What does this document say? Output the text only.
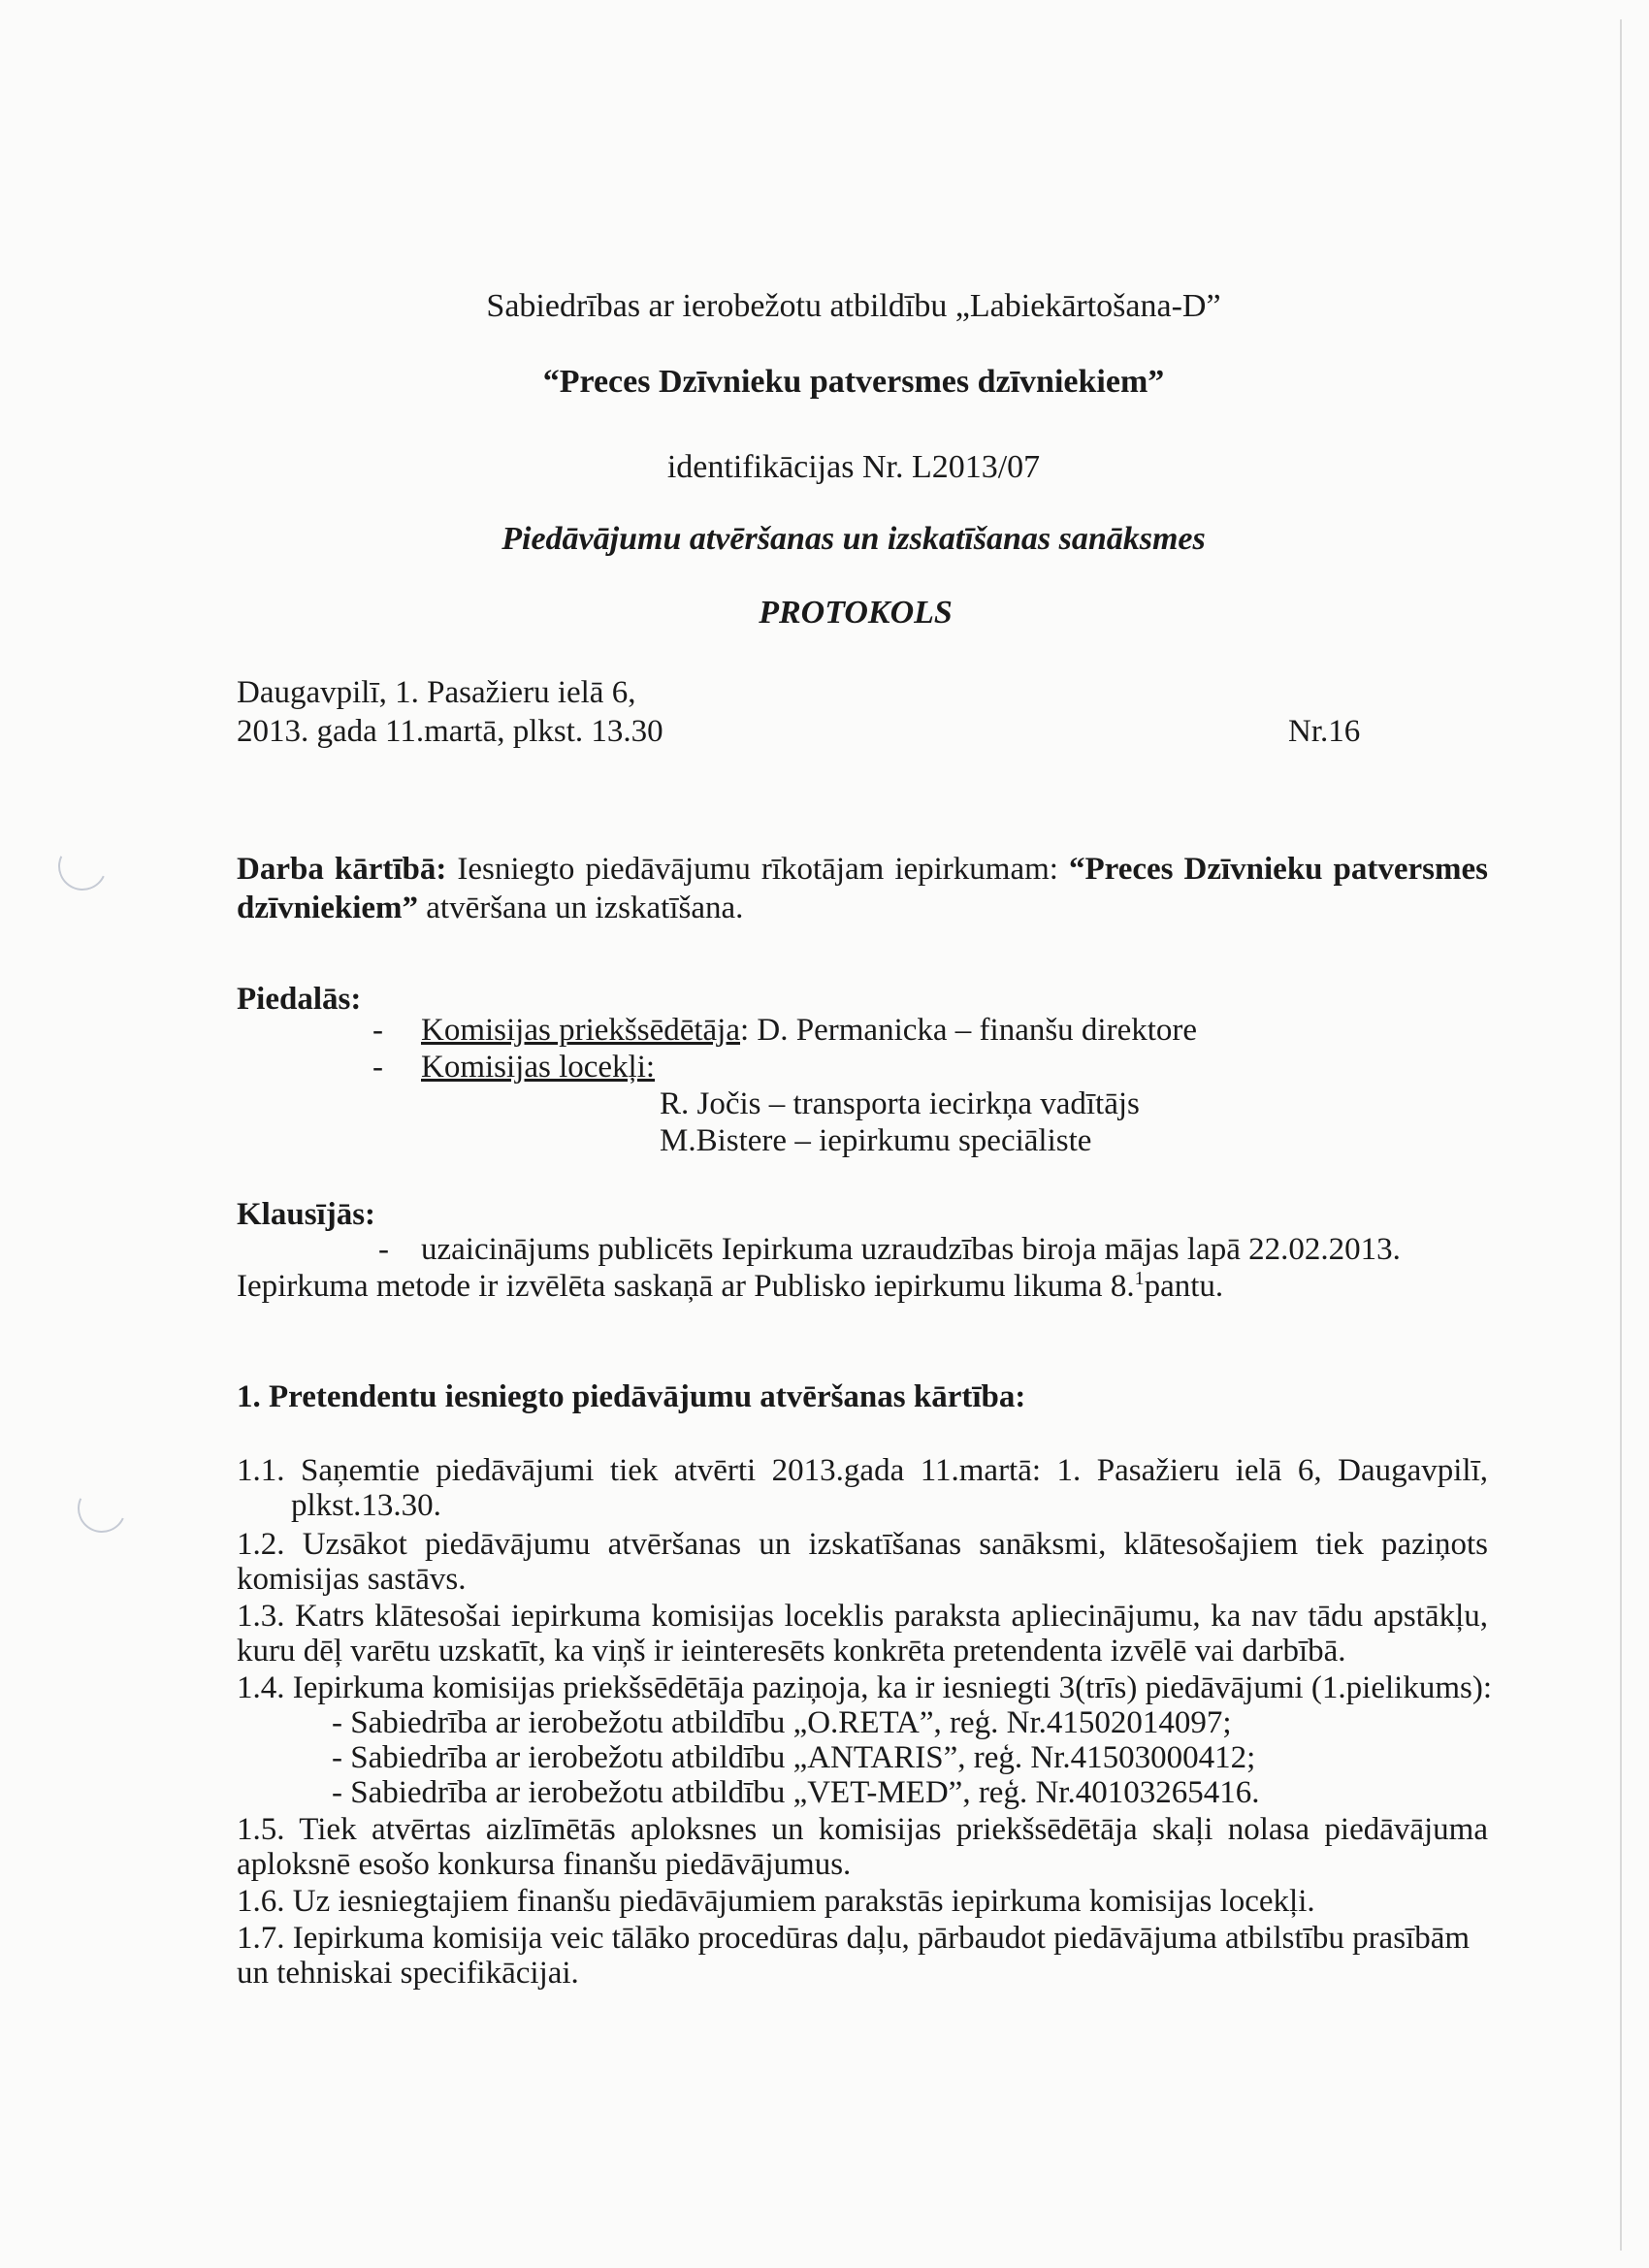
Sabiedrības ar ierobežotu atbildību „Labiekārtošana-D”
“Preces Dzīvnieku patversmes dzīvniekiem”
identifikācijas Nr. L2013/07
Piedāvājumu atvēršanas un izskatīšanas sanāksmes
PROTOKOLS
Daugavpilī, 1. Pasažieru ielā 6,
2013. gada 11.martā, plkst. 13.30	Nr.16
Darba kārtībā: Iesniegto piedāvājumu rīkotājam iepirkumam: “Preces Dzīvnieku patversmes
dzīvniekiem” atvēršana un izskatīšana.
Piedalās:
- Komisijas priekšsēdētāja: D. Permanicka – finanšu direktore
- Komisijas locekļi:
R. Jočis – transporta iecirkņa vadītājs
M.Bistere – iepirkumu speciāliste
Klausījās:
- uzaicinājums publicēts Iepirkuma uzraudzības biroja mājas lapā 22.02.2013.
Iepirkuma metode ir izvēlēta saskaņā ar Publisko iepirkumu likuma 8.$^1$pantu.
1. Pretendentu iesniegto piedāvājumu atvēršanas kārtība:
1.1. Saņemtie piedāvājumi tiek atvērti 2013.gada 11.martā: 1. Pasažieru ielā 6, Daugavpilī,
plkst.13.30.
1.2. Uzsākot piedāvājumu atvēršanas un izskatīšanas sanāksmi, klātesošajiem tiek paziņots
komisijas sastāvs.
1.3. Katrs klātesošai iepirkuma komisijas loceklis paraksta apliecinājumu, ka nav tādu apstākļu,
kuru dēļ varētu uzskatīt, ka viņš ir ieinteresēts konkrēta pretendenta izvēlē vai darbībā.
1.4. Iepirkuma komisijas priekšsēdētāja paziņoja, ka ir iesniegti 3(trīs) piedāvājumi (1.pielikums):
- Sabiedrība ar ierobežotu atbildību „O.RETA”, reģ. Nr.41502014097;
- Sabiedrība ar ierobežotu atbildību „ANTARIS”, reģ. Nr.41503000412;
- Sabiedrība ar ierobežotu atbildību „VET-MED”, reģ. Nr.40103265416.
1.5. Tiek atvērtas aizlīmētās aploksnes un komisijas priekšsēdētāja skaļi nolasa piedāvājuma
aploksnē esošo konkursa finanšu piedāvājumus.
1.6. Uz iesniegtajiem finanšu piedāvājumiem parakstās iepirkuma komisijas locekļi.
1.7. Iepirkuma komisija veic tālāko procedūras daļu, pārbaudot piedāvājuma atbilstību prasībām
un tehniskai specifikācijai.
